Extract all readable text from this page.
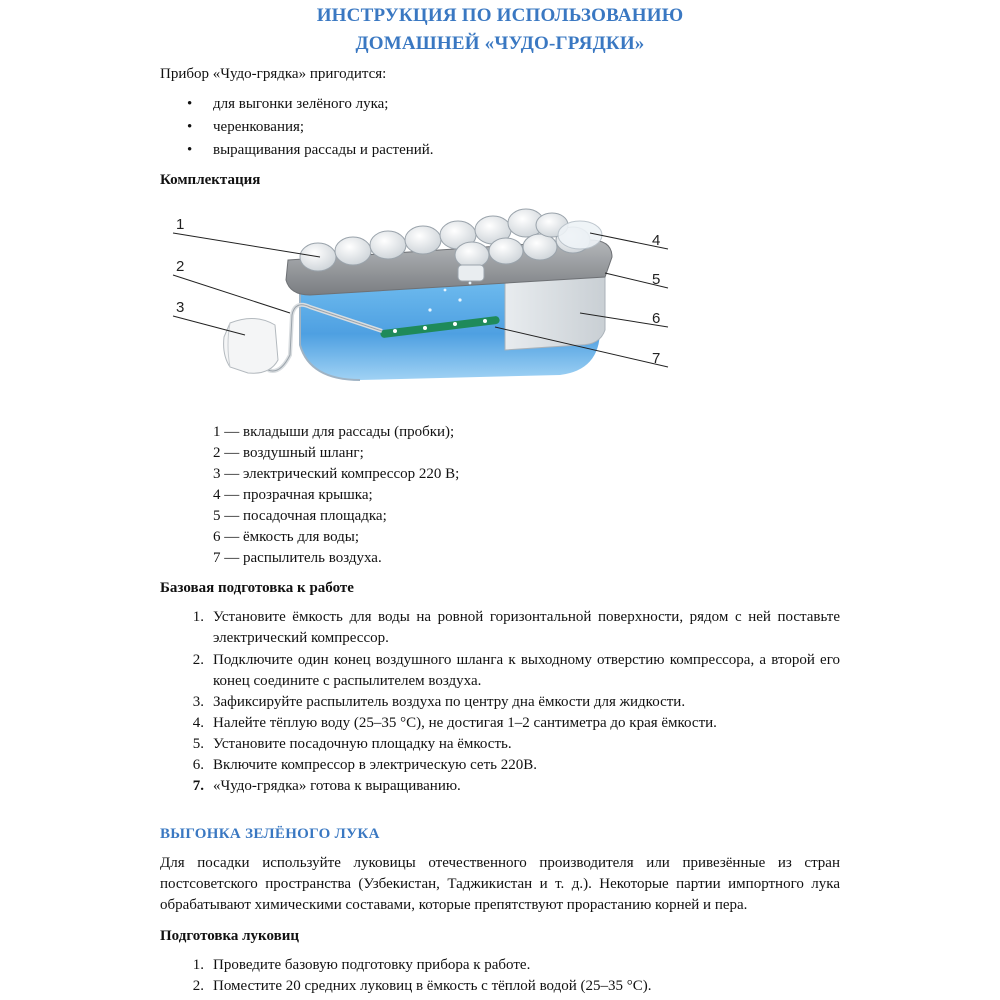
ИНСТРУКЦИЯ ПО ИСПОЛЬЗОВАНИЮ
ДОМАШНЕЙ «ЧУДО-ГРЯДКИ»
Прибор «Чудо-грядка» пригодится:
• для выгонки зелёного лука;
• черенкования;
• выращивания рассады и растений.
Комплектация
1
2
3
4
5
6
7
1 — вкладыши для рассады (пробки);
2 — воздушный шланг;
3 — электрический компрессор 220 В;
4 — прозрачная крышка;
5 — посадочная площадка;
6 — ёмкость для воды;
7 — распылитель воздуха.
Базовая подготовка к работе
1. Установите ёмкость для воды на ровной горизонтальной поверхности, рядом с ней поставьте электрический компрессор.
2. Подключите один конец воздушного шланга к выходному отверстию компрессора, а второй его конец соедините с распылителем воздуха.
3. Зафиксируйте распылитель воздуха по центру дна ёмкости для жидкости.
4. Налейте тёплую воду (25–35 °С), не достигая 1–2 сантиметра до края ёмкости.
5. Установите посадочную площадку на ёмкость.
6. Включите компрессор в электрическую сеть 220В.
7. «Чудо-грядка» готова к выращиванию.
ВЫГОНКА ЗЕЛЁНОГО ЛУКА
Для посадки используйте луковицы отечественного производителя или привезённые из стран постсоветского пространства (Узбекистан, Таджикистан и т. д.). Некоторые партии импортного лука обрабатывают химическими составами, которые препятствуют прорастанию корней и пера.
Подготовка луковиц
1. Проведите базовую подготовку прибора к работе.
2. Поместите 20 средних луковиц в ёмкость с тёплой водой (25–35 °С).
